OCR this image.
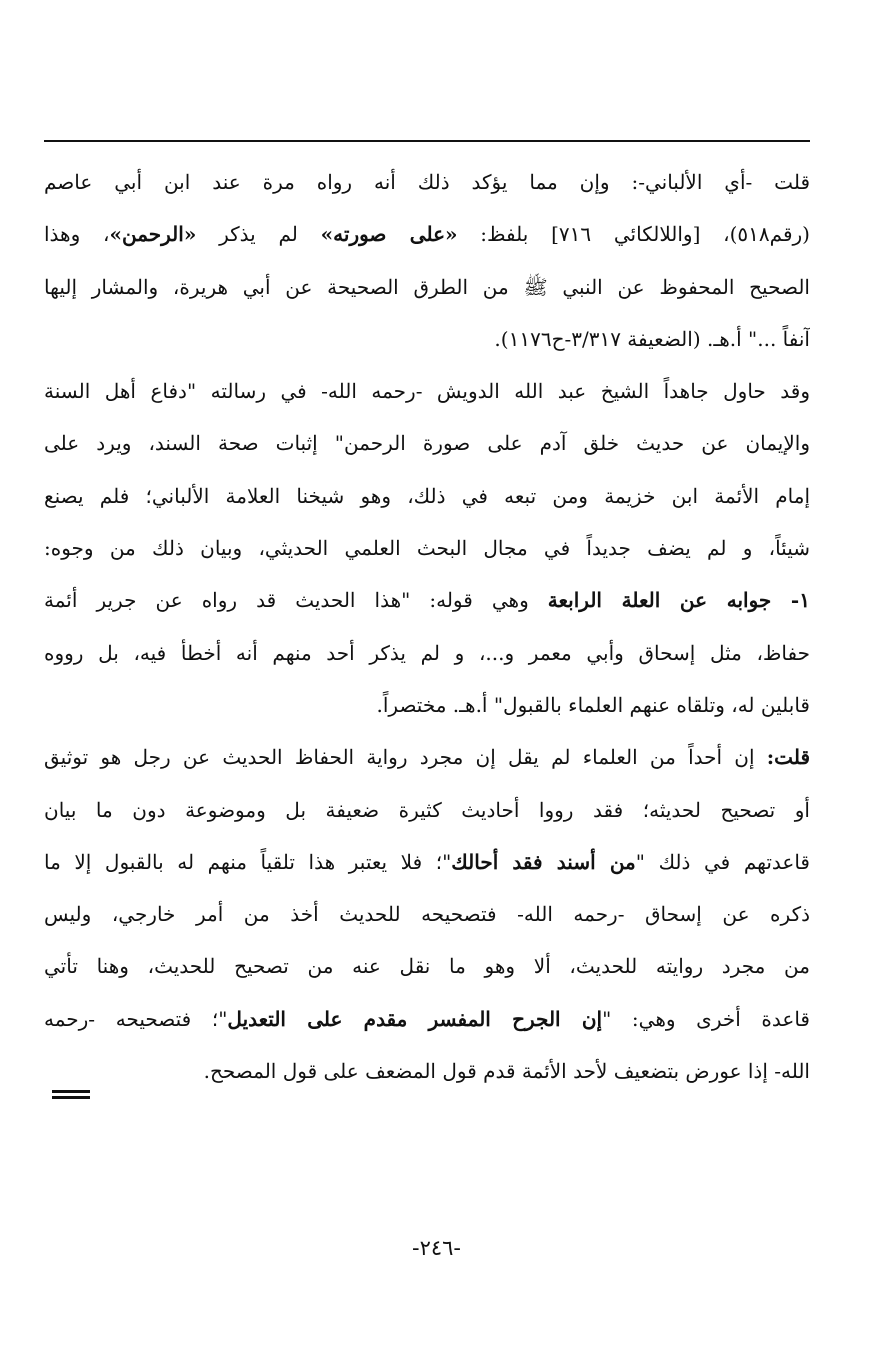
قلت -أي الألباني-: وإن مما يؤكد ذلك أنه رواه مرة عند ابن أبي عاصم
(رقم٥١٨)، [واللالكائي ٧١٦] بلفظ: «على صورته» لم يذكر «الرحمن»، وهذا
الصحيح المحفوظ عن النبي ﷺ من الطرق الصحيحة عن أبي هريرة، والمشار إليها
آنفاً ..." أ.هـ. (الضعيفة ٣/٣١٧-ح١١٧٦).
وقد حاول جاهداً الشيخ عبد الله الدويش -رحمه الله- في رسالته "دفاع أهل السنة
والإيمان عن حديث خلق آدم على صورة الرحمن" إثبات صحة السند، ويرد على
إمام الأئمة ابن خزيمة ومن تبعه في ذلك، وهو شيخنا العلامة الألباني؛ فلم يصنع
شيئاً، و لم يضف جديداً في مجال البحث العلمي الحديثي، وبيان ذلك من وجوه:
١- جوابه عن العلة الرابعة وهي قوله: "هذا الحديث قد رواه عن جرير أئمة
حفاظ، مثل إسحاق وأبي معمر و...، و لم يذكر أحد منهم أنه أخطأ فيه، بل رووه
قابلين له، وتلقاه عنهم العلماء بالقبول" أ.هـ. مختصراً.
قلت: إن أحداً من العلماء لم يقل إن مجرد رواية الحفاظ الحديث عن رجل هو توثيق
أو تصحيح لحديثه؛ فقد رووا أحاديث كثيرة ضعيفة بل وموضوعة دون ما بيان
قاعدتهم في ذلك "من أسند فقد أحالك"؛ فلا يعتبر هذا تلقياً منهم له بالقبول إلا ما
ذكره عن إسحاق -رحمه الله- فتصحيحه للحديث أخذ من أمر خارجي، وليس
من مجرد روايته للحديث، ألا وهو ما نقل عنه من تصحيح للحديث، وهنا تأتي
قاعدة أخرى وهي: "إن الجرح المفسر مقدم على التعديل"؛ فتصحيحه -رحمه
الله- إذا عورض بتضعيف لأحد الأئمة قدم قول المضعف على قول المصحح.
-٢٤٦-
